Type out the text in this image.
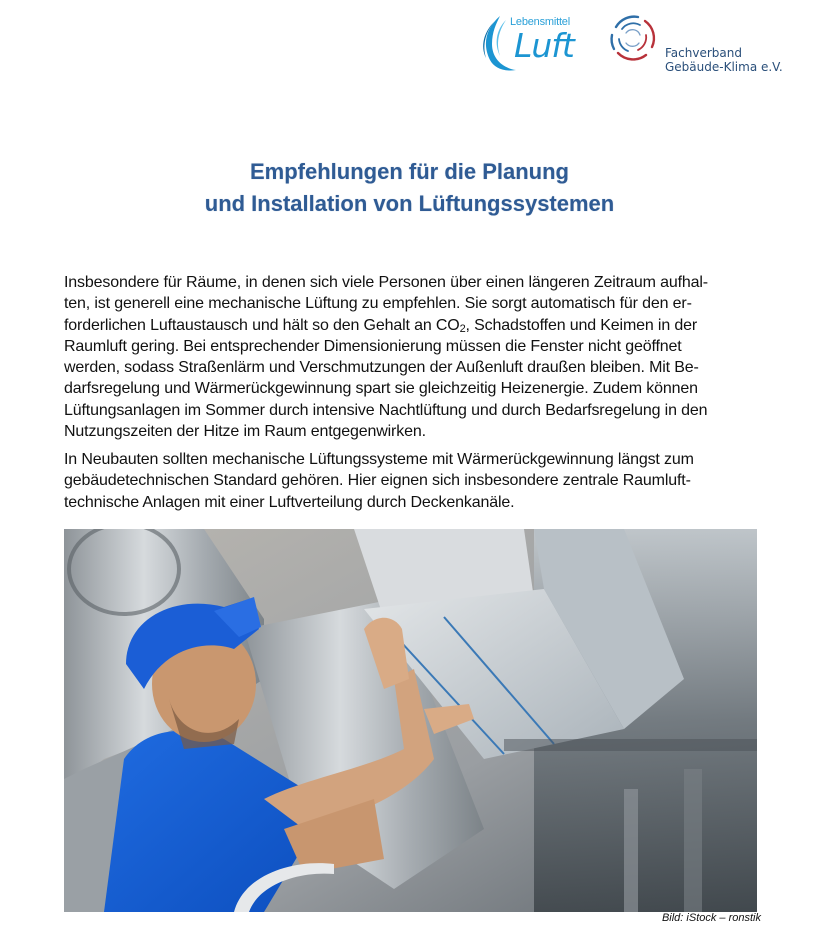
Lebensmittel
Luft	Fachverband
Gebäude-Klima e.V.
Empfehlungen für die Planung
und Installation von Lüftungssystemen
Insbesondere für Räume, in denen sich viele Personen über einen längeren Zeitraum aufhal-
ten, ist generell eine mechanische Lüftung zu empfehlen. Sie sorgt automatisch für den er-
forderlichen Luftaustausch und hält so den Gehalt an $CO_2$, Schadstoffen und Keimen in der
Raumluft gering. Bei entsprechender Dimensionierung müssen die Fenster nicht geöffnet
werden, sodass Straßenlärm und Verschmutzungen der Außenluft draußen bleiben. Mit Be-
darfsregelung und Wärmerückgewinnung spart sie gleichzeitig Heizenergie. Zudem können
Lüftungsanlagen im Sommer durch intensive Nachtlüftung und durch Bedarfsregelung in den
Nutzungszeiten der Hitze im Raum entgegenwirken.
In Neubauten sollten mechanische Lüftungssysteme mit Wärmerückgewinnung längst zum
gebäudetechnischen Standard gehören. Hier eignen sich insbesondere zentrale Raumluft-
technische Anlagen mit einer Luftverteilung durch Deckenkanäle.
Bild: iStock – ronstik
